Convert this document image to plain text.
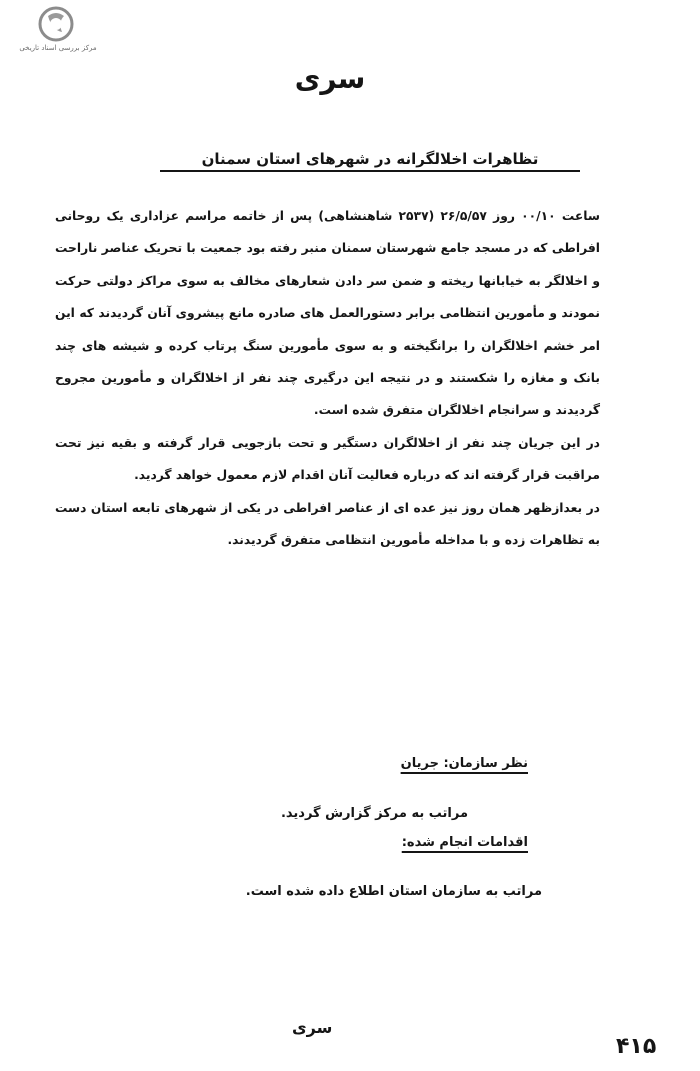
مرکز بررسی اسناد تاریخی
سری
تظاهرات اخلالگرانه در شهرهای استان سمنان

ساعت ۰۰/۱۰ روز ۲۶/۵/۵۷ (۲۵۳۷ شاهنشاهی) پس از خاتمه مراسم عزاداری یک روحانی افراطی که در مسجد جامع شهرستان سمنان منبر رفته بود جمعیت با تحریک عناصر ناراحت و اخلالگر به خیابانها ریخته و ضمن سر دادن شعارهای مخالف به سوی مراکز دولتی حرکت نمودند و مأمورین انتظامی برابر دستورالعمل های صادره مانع پیشروی آنان گردیدند که این امر خشم اخلالگران را برانگیخته و به سوی مأمورین سنگ پرتاب کرده و شیشه های چند بانک و مغازه را شکستند و در نتیجه این درگیری چند نفر از اخلالگران و مأمورین مجروح گردیدند و سرانجام اخلالگران متفرق شده است.

در این جریان چند نفر از اخلالگران دستگیر و تحت بازجویی قرار گرفته و بقیه نیز تحت مراقبت قرار گرفته اند که درباره فعالیت آنان اقدام لازم معمول خواهد گردید.

در بعدازظهر همان روز نیز عده ای از عناصر افراطی در یکی از شهرهای تابعه استان دست به تظاهرات زده و با مداخله مأمورین انتظامی متفرق گردیدند.

نظر سازمان: جریان
مراتب به مرکز گزارش گردید.
اقدامات انجام شده:
مراتب به سازمان استان اطلاع داده شده است.
سری
۴۱۵
